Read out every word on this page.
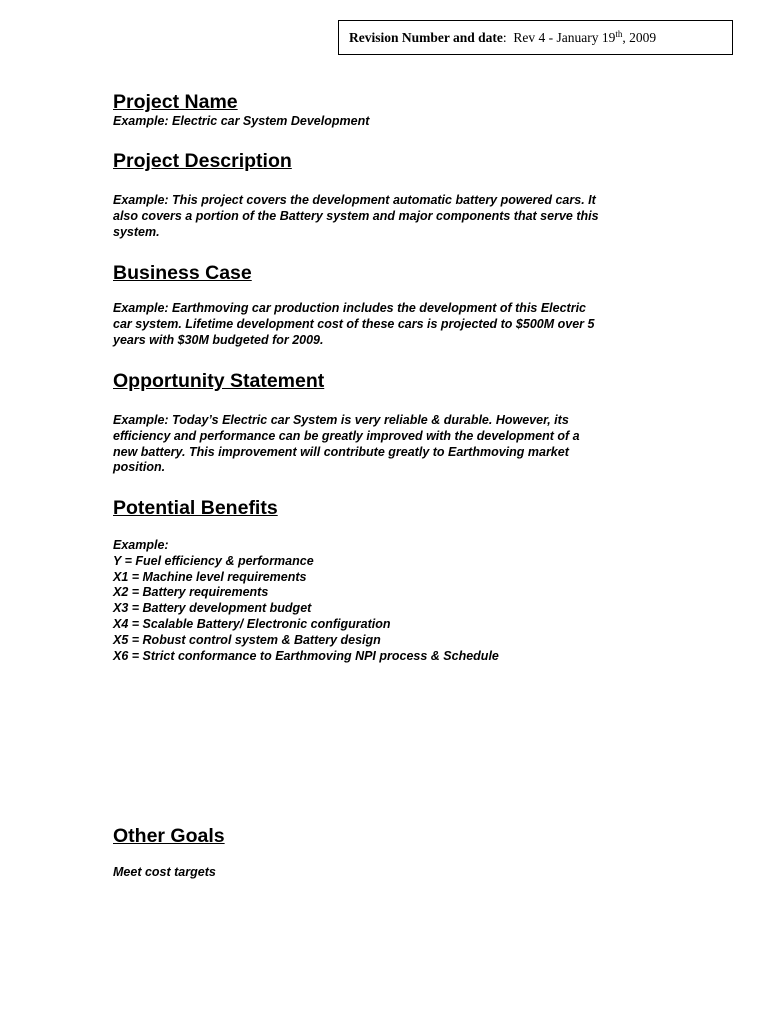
Revision Number and date: Rev 4 - January 19th, 2009
Project Name

Example: Electric car System Development

Project Description

Example: This project covers the development automatic battery powered cars. It
also covers a portion of the Battery system and major components that serve this
system.

Business Case

Example: Earthmoving car production includes the development of this Electric
car system. Lifetime development cost of these cars is projected to $500M over 5
years with $30M budgeted for 2009.

Opportunity Statement

Example: Today’s Electric car System is very reliable & durable. However, its
efficiency and performance can be greatly improved with the development of a
new battery. This improvement will contribute greatly to Earthmoving market
position.

Potential Benefits

Example:
Y = Fuel efficiency & performance
X1 = Machine level requirements
X2 = Battery requirements
X3 = Battery development budget
X4 = Scalable Battery/ Electronic configuration
X5 = Robust control system & Battery design
X6 = Strict conformance to Earthmoving NPI process & Schedule

Other Goals

Meet cost targets
